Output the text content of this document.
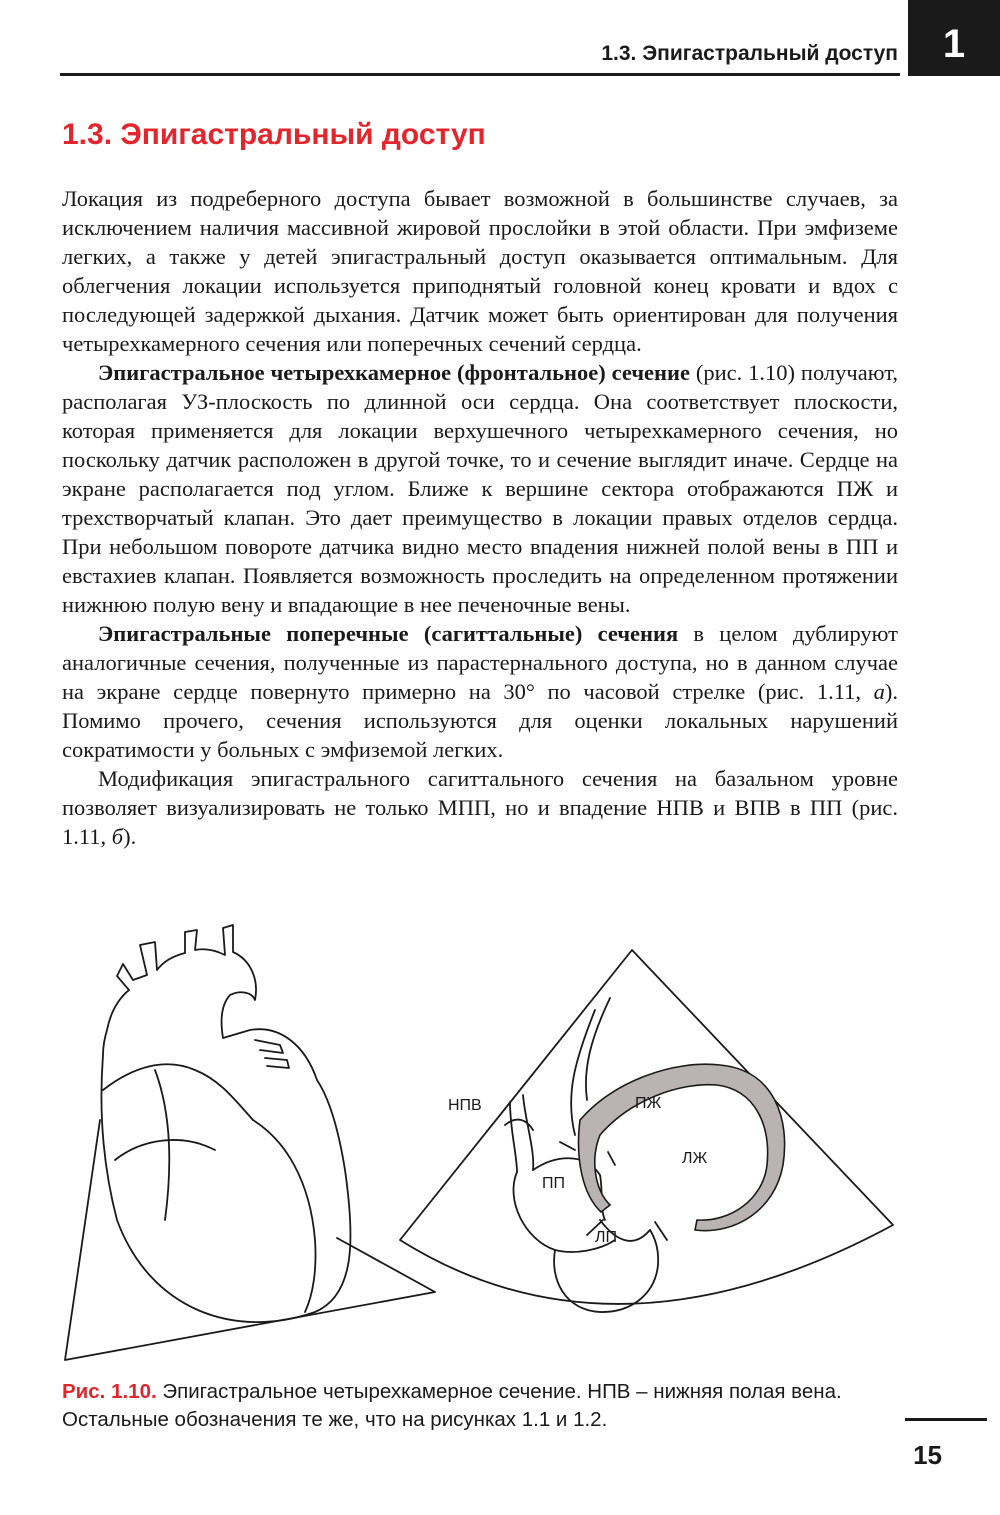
1.3. Эпигастральный доступ	1
1.3. Эпигастральный доступ

Локация из подреберного доступа бывает возможной в большинстве случаев, за исключением наличия массивной жировой прослойки в этой области. При эмфиземе легких, а также у детей эпигастральный доступ оказывается оптимальным. Для облегчения локации используется приподнятый головной конец кровати и вдох с последующей задержкой дыхания. Датчик может быть ориентирован для получения четырехкамерного сечения или поперечных сечений сердца.

Эпигастральное четырехкамерное (фронтальное) сечение (рис. 1.10) получают, располагая УЗ-плоскость по длинной оси сердца. Она соответствует плоскости, которая применяется для локации верхушечного четырехкамерного сечения, но поскольку датчик расположен в другой точке, то и сечение выглядит иначе. Сердце на экране располагается под углом. Ближе к вершине сектора отображаются ПЖ и трехстворчатый клапан. Это дает преимущество в локации правых отделов сердца. При небольшом повороте датчика видно место впадения нижней полой вены в ПП и евстахиев клапан. Появляется возможность проследить на определенном протяжении нижнюю полую вену и впадающие в нее печеночные вены.

Эпигастральные поперечные (сагиттальные) сечения в целом дублируют аналогичные сечения, полученные из парастернального доступа, но в данном случае на экране сердце повернуто примерно на 30° по часовой стрелке (рис. 1.11, а). Помимо прочего, сечения используются для оценки локальных нарушений сократимости у больных с эмфиземой легких.

Модификация эпигастрального сагиттального сечения на базальном уровне позволяет визуализировать не только МПП, но и впадение НПВ и ВПВ в ПП (рис. 1.11, б).

НПВ	ПЖ
ЛЖ
ПП
ЛП
Рис. 1.10. Эпигастральное четырехкамерное сечение. НПВ – нижняя полая вена. Остальные обозначения те же, что на рисунках 1.1 и 1.2.
15
